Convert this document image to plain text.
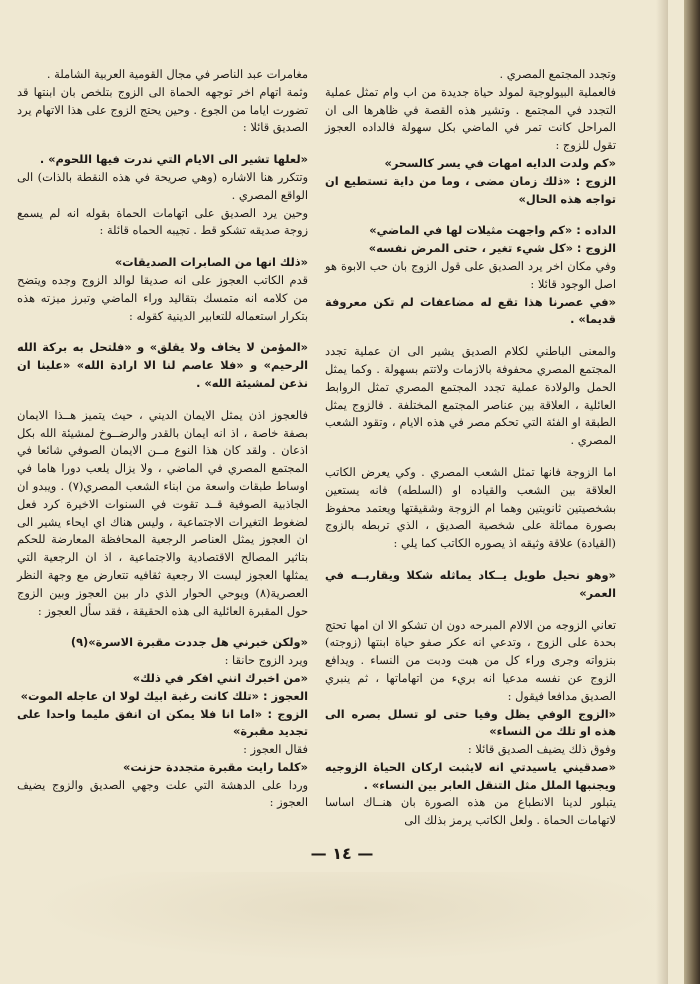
وتجدد المجتمع المصري .

فالعملية البيولوجية لمولد حياة جديدة من اب وام تمثل عملية التجدد في المجتمع . وتشير هذه القصة في ظاهرها الى ان المراحل كانت تمر في الماضي بكل سهولة فالداده العجوز تقول للزوج :

«كم ولدت الدايه امهات في يسر كالسحر»

الزوج : «ذلك زمان مضى ، وما من داية تستطيع ان تواجه هذه الحال»

الداده : «كم واجهت مثيلات لها في الماضي»

الزوج : «كل شيء تغير ، حتى المرض نفسه»

وفي مكان اخر يرد الصديق على قول الزوج بان حب الابوة هو اصل الوجود قائلا :

«في عصرنا هذا تقع له مضاعفات لم تكن معروفة قديما» .

والمعنى الباطني لكلام الصديق يشير الى ان عملية تجدد المجتمع المصري محفوفة بالازمات ولاتتم بسهولة . وكما يمثل الحمل والولادة عملية تجدد المجتمع المصري تمثل الروابط العائلية ، العلاقة بين عناصر المجتمع المختلفة . فالزوج يمثل الطبقة او الفئة التي تحكم مصر في هذه الايام ، وتقود الشعب المصري .

اما الزوجة فانها تمثل الشعب المصري . وكي يعرض الكاتب العلاقة بين الشعب والقياده او (السلطه) فانه يستعين بشخصيتين ثانويتين وهما ام الزوجة وشقيقتها ويعتمد محفوظ بصورة مماثلة على شخصية الصديق ، الذي تربطه بالزوج (القيادة) علاقة وثيقه اذ يصوره الكاتب كما يلي :

«وهو نحيل طويل يــكاد يماثله شكلا ويقاربــه في العمر»

تعاني الزوجه من الالام المبرحه دون ان تشكو الا ان امها تحتج بحدة على الزوج ، وتدعي انه عكر صفو حياة ابنتها (زوجته) بنزواته وجرى وراء كل من هبت ودبت من النساء . ويدافع الزوج عن نفسه مدعيا انه بريء من اتهاماتها ، ثم ينبري الصديق مدافعا فيقول :

«الزوج الوفي يظل وفيا حتى لو تسلل بصره الى هذه او تلك من النساء»

وفوق ذلك يضيف الصديق قائلا :

«صدقيني ياسيدتي انه لايثبت اركان الحياة الزوجيه ويجنبها الملل مثل التنقل العابر بين النساء» .

يتبلور لدينا الانطباع من هذه الصورة بان هنــاك اساسا لاتهامات الحماة . ولعل الكاتب يرمز بذلك الى

مغامرات عبد الناصر في مجال القومية العربية الشاملة .

وثمة اتهام اخر توجهه الحماة الى الزوج بتلخص بان ابنتها قد تضورت اياما من الجوع . وحين يحتج الزوج على هذا الاتهام يرد الصديق قائلا :

«لعلها تشير الى الايام التي ندرت فيها اللحوم» .

وتتكرر هنا الاشاره (وهي صريحة في هذه النقطة بالذات) الى الواقع المصري .

وحين يرد الصديق على اتهامات الحماة بقوله انه لم يسمع زوجة صديقه تشكو قط . تجيبه الحماه قائلة :

«ذلك انها من الصابرات الصديقات»

قدم الكاتب العجوز على انه صديقا لوالد الزوج وجده ويتضح من كلامه انه متمسك بتقاليد وراء الماضي وتبرز ميزته هذه بتكرار استعماله للتعابير الدينية كقوله :

«المؤمن لا يخاف ولا يقلق» و «فلتحل به بركة الله الرحيم» و «فلا عاصم لنا الا ارادة الله» «علينا ان نذعن لمشيئة الله» .

فالعجوز اذن يمثل الايمان الديني ، حيث يتميز هــذا الايمان بصفة خاصة ، اذ انه ايمان بالقدر والرضــوخ لمشيئة الله بكل اذعان . ولقد كان هذا النوع مــن الايمان الصوفي شائعا في المجتمع المصري في الماضي ، ولا يزال يلعب دورا هاما في اوساط طبقات واسعة من ابناء الشعب المصري(٧) . ويبدو ان الجاذبية الصوفية قــد تقوت في السنوات الاخيرة كرد فعل لضغوط التغيرات الاجتماعية ، وليس هناك اي ايحاء يشير الى ان العجوز يمثل العناصر الرجعية المحافظة المعارضة للحكم بتاثير المصالح الاقتصادية والاجتماعية ، اذ ان الرجعية التي يمثلها العجوز ليست الا رجعية ثقافيه تتعارض مع وجهة النظر العصرية(٨) ويوحي الحوار الذي دار بين العجوز وبين الزوج حول المقبرة العائلية الى هذه الحقيقة ، فقد سأل العجوز :

«ولكن خبرني هل جددت مقبرة الاسرة»(٩)

ويرد الزوج حانقا :

«من اخبرك انني افكر في ذلك»

العجوز : «تلك كانت رغبة ابيك لولا ان عاجله الموت»

الزوج : «اما انا فلا يمكن ان انفق مليما واحدا على تجديد مقبرة»

فقال العجوز :

«كلما رايت مقبرة متجددة حزنت»

وردا على الدهشة التي علت وجهي الصديق والزوج يضيف العجوز :

— ١٤ —
